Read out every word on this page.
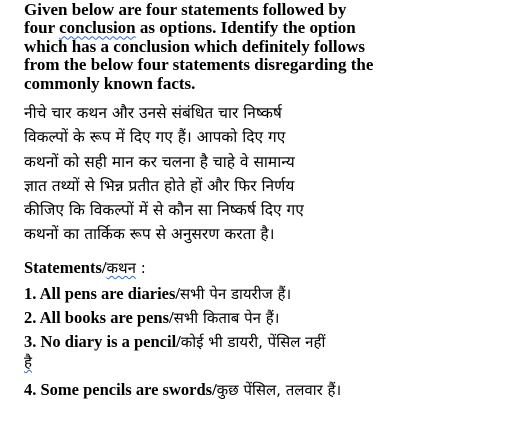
Given below are four statements followed by
four conclusion as options. Identify the option
which has a conclusion which definitely follows
from the below four statements disregarding the
commonly known facts.
नीचे चार कथन और उनसे संबंधित चार निष्कर्ष
विकल्पों के रूप में दिए गए हैं। आपको दिए गए
कथनों को सही मान कर चलना है चाहे वे सामान्य
ज्ञात तथ्यों से भिन्न प्रतीत होते हों और फिर निर्णय
कीजिए कि विकल्पों में से कौन सा निष्कर्ष दिए गए
कथनों का तार्किक रूप से अनुसरण करता है।
Statements/कथन :
1. All pens are diaries/सभी पेन डायरीज हैं।
2. All books are pens/सभी किताब पेन हैं।
3. No diary is a pencil/कोई भी डायरी, पेंसिल नहीं
है
4. Some pencils are swords/कुछ पेंसिल, तलवार हैं।
